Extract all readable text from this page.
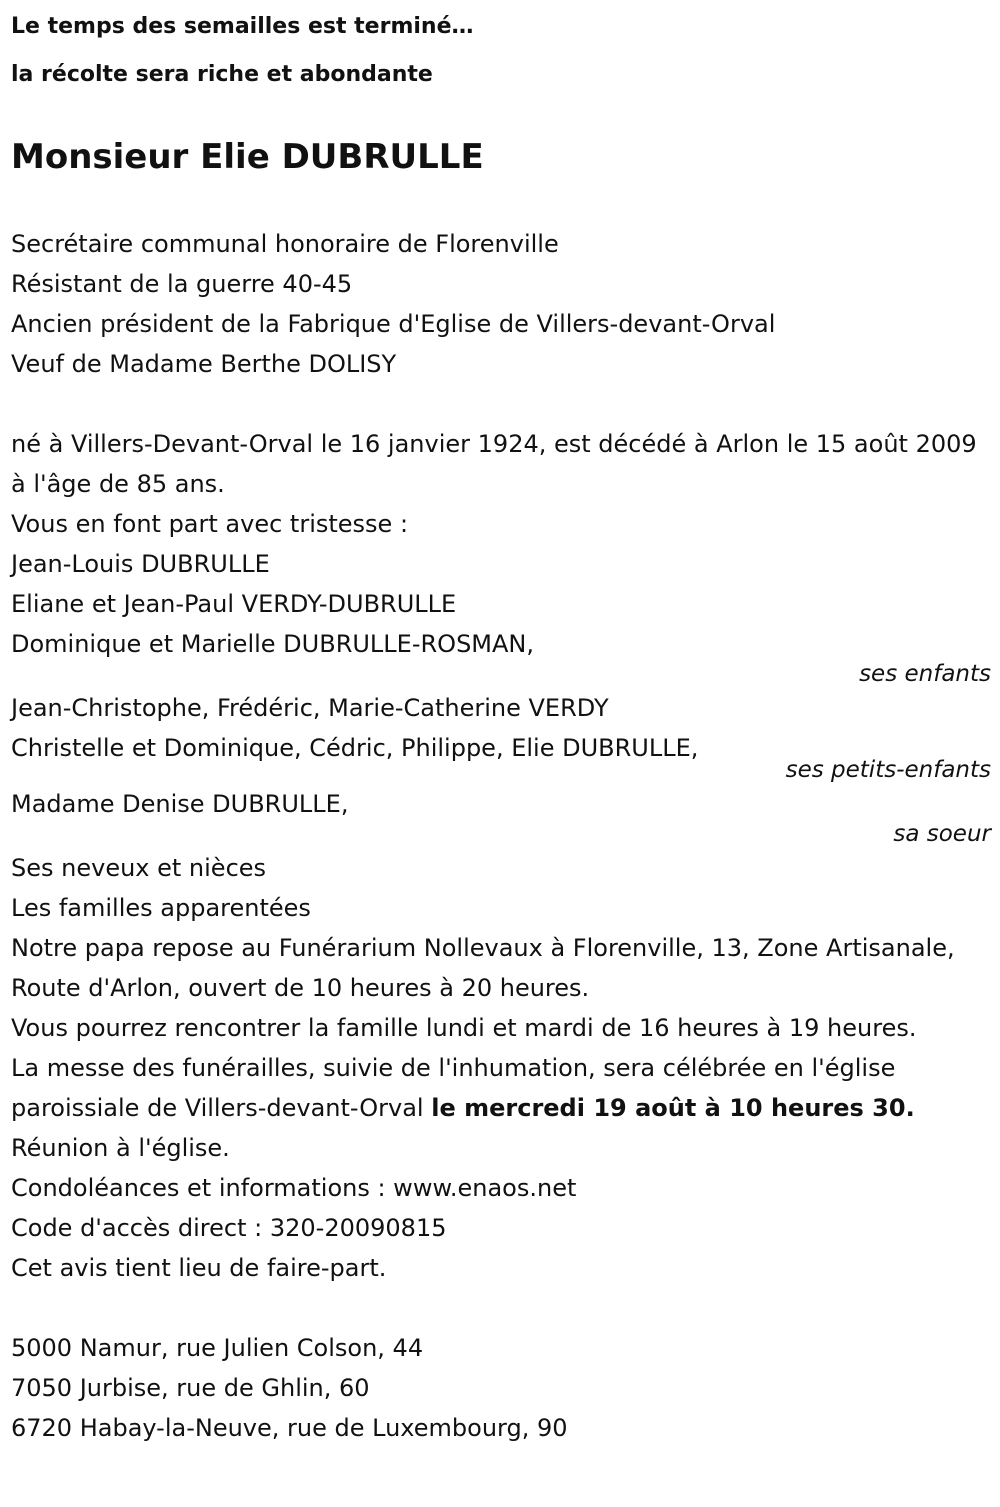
Le temps des semailles est terminé…

la récolte sera riche et abondante

Monsieur Elie DUBRULLE
Secrétaire communal honoraire de Florenville
Résistant de la guerre 40-45
Ancien président de la Fabrique d'Eglise de Villers-devant-Orval
Veuf de Madame Berthe DOLISY
né à Villers-Devant-Orval le 16 janvier 1924, est décédé à Arlon le 15 août 2009 à l'âge de 85 ans.
Vous en font part avec tristesse :
Jean-Louis DUBRULLE
Eliane et Jean-Paul VERDY-DUBRULLE
Dominique et Marielle DUBRULLE-ROSMAN,
ses enfants
Jean-Christophe, Frédéric, Marie-Catherine VERDY
Christelle et Dominique, Cédric, Philippe, Elie DUBRULLE,
ses petits-enfants
Madame Denise DUBRULLE,
sa soeur
Ses neveux et nièces
Les familles apparentées
Notre papa repose au Funérarium Nollevaux à Florenville, 13, Zone Artisanale, Route d'Arlon, ouvert de 10 heures à 20 heures.
Vous pourrez rencontrer la famille lundi et mardi de 16 heures à 19 heures.
La messe des funérailles, suivie de l'inhumation, sera célébrée en l'église paroissiale de Villers-devant-Orval le mercredi 19 août à 10 heures 30.
Réunion à l'église.
Condoléances et informations : www.enaos.net
Code d'accès direct : 320-20090815
Cet avis tient lieu de faire-part.
5000 Namur, rue Julien Colson, 44
7050 Jurbise, rue de Ghlin, 60
6720 Habay-la-Neuve, rue de Luxembourg, 90
